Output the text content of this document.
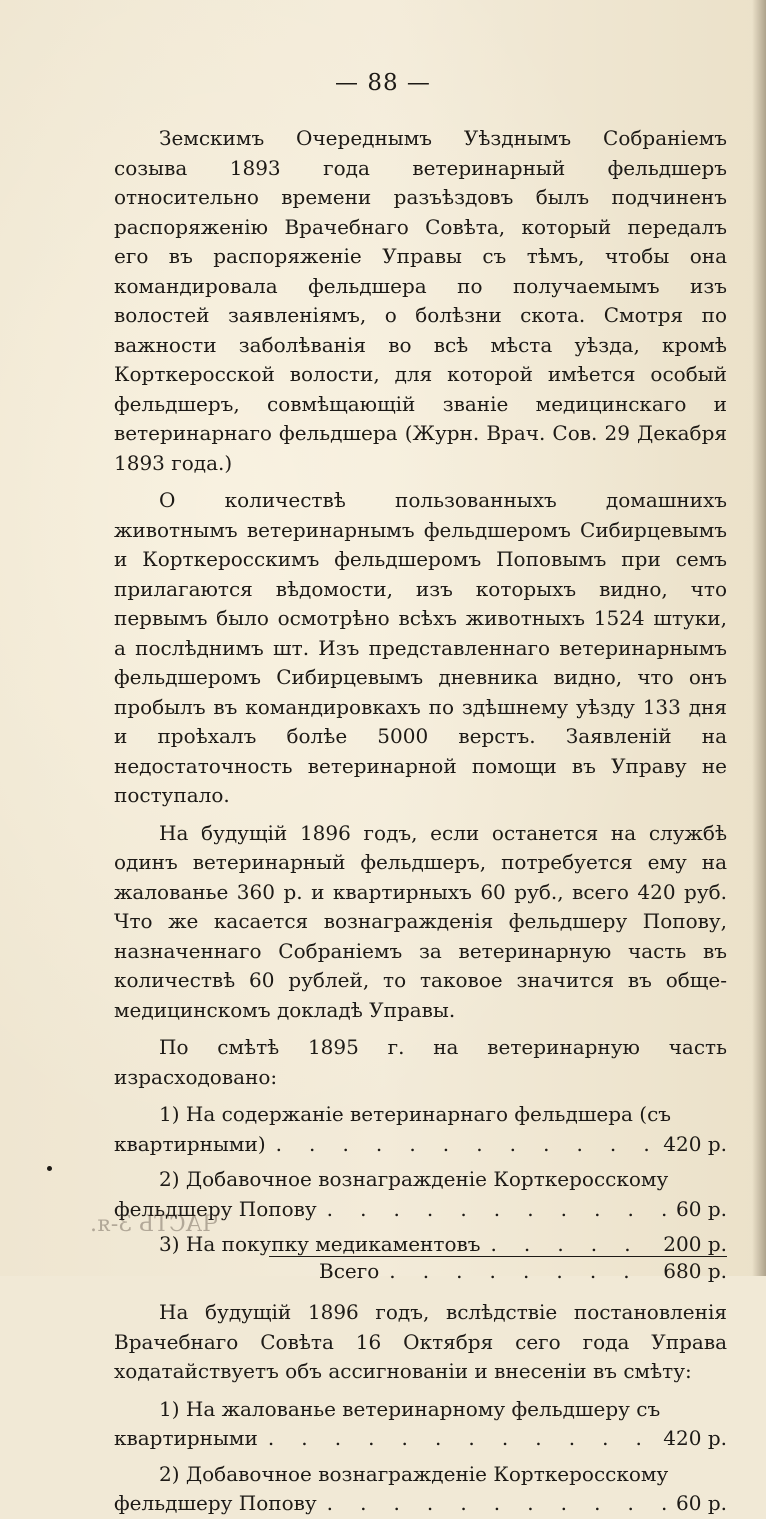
— 88 —

Земскимъ Очереднымъ Уѣзднымъ Собраніемъ созыва 1893 года ветеринарный фельдшеръ относительно времени разъѣздовъ былъ подчиненъ распоряженію Врачебнаго Совѣта, который передалъ его въ распоряженіе Управы съ тѣмъ, чтобы она командировала фельдшера по получаемымъ изъ волостей заявленіямъ, о болѣзни скота. Смотря по важности заболѣванія во всѣ мѣста уѣзда, кромѣ Корткеросской волости, для которой имѣется особый фельдшеръ, совмѣщающій званіе медицинскаго и ветеринарнаго фельдшера (Журн. Врач. Сов. 29 Декабря 1893 года.)

О количествѣ пользованныхъ домашнихъ животнымъ ветеринарнымъ фельдшеромъ Сибирцевымъ и Корткеросскимъ фельдшеромъ Поповымъ при семъ прилагаются вѣдомости, изъ которыхъ видно, что первымъ было осмотрѣно всѣхъ животныхъ 1524 штуки, а послѣднимъ шт. Изъ представленнаго ветеринарнымъ фельдшеромъ Сибирцевымъ дневника видно, что онъ пробылъ въ командировкахъ по здѣшнему уѣзду 133 дня и проѣхалъ болѣе 5000 верстъ. Заявленій на недостаточность ветеринарной помощи въ Управу не поступало.

На будущій 1896 годъ, если останется на службѣ одинъ ветеринарный фельдшеръ, потребуется ему на жалованье 360 р. и квартирныхъ 60 руб., всего 420 руб. Что же касается вознагражденія фельдшеру Попову, назначеннаго Собраніемъ за ветеринарную часть въ количествѣ 60 рублей, то таковое значится въ обще-медицинскомъ докладѣ Управы.

По смѣтѣ 1895 г. на ветеринарную часть израсходовано:

1) На содержаніе ветеринарнаго фельдшера (съ
квартирными) . .	420 р.
2) Добавочное вознагражденіе Корткеросскому
фельдшеру Попову . .	60 р.
3) На покупку медикаментовъ . .	200 р.
Всего . .	680 р.

На будущій 1896 годъ, вслѣдствіе постановленія Врачебнаго Совѣта 16 Октября сего года Управа ходатайствуетъ объ ассигнованіи и внесеніи въ смѣту:

1) На жалованье ветеринарному фельдшеру съ
квартирными . .	420 р.
2) Добавочное вознагражденіе Корткеросскому
фельдшеру Попову . .	60 р.
ЧАСТЬ 3-я.
